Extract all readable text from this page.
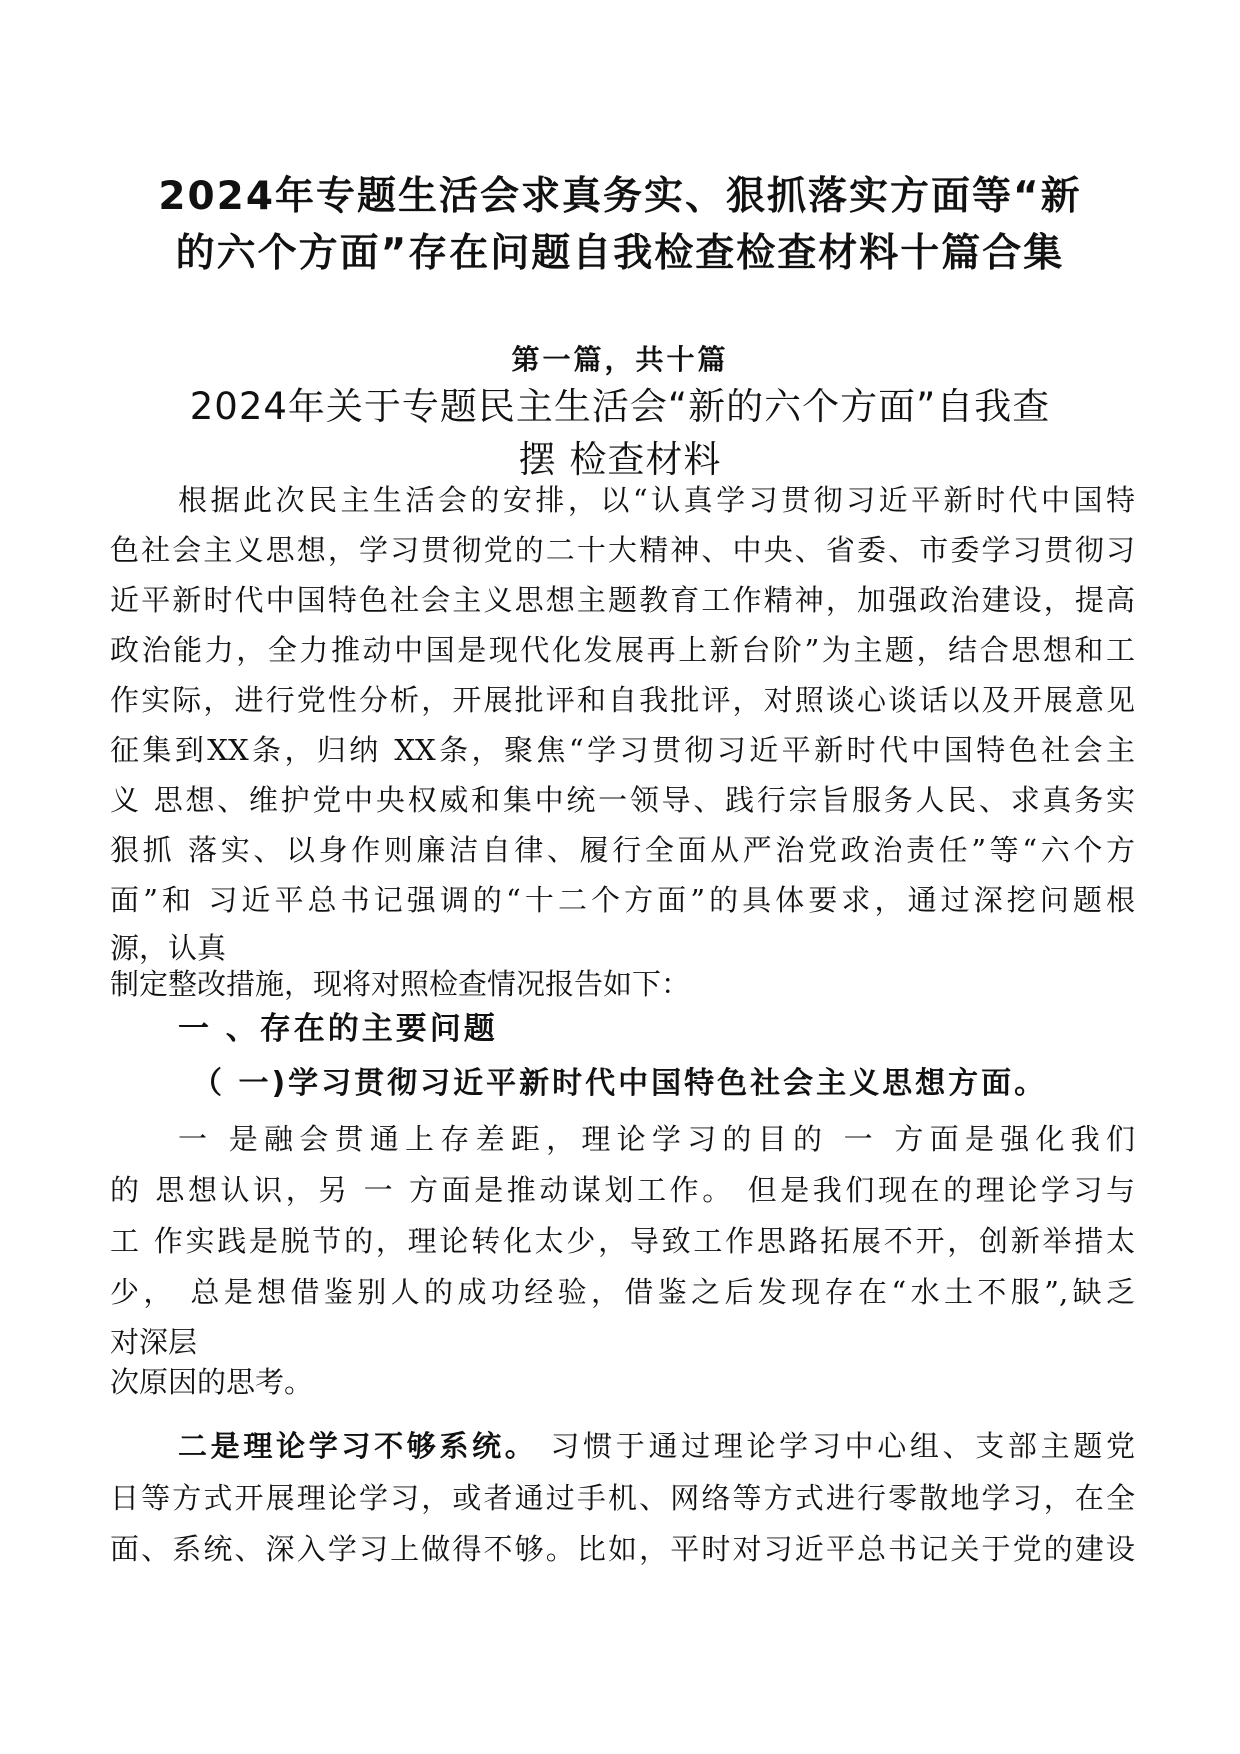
2024年专题生活会求真务实、狠抓落实方面等“新
的六个方面”存在问题自我检查检查材料十篇合集
第一篇，共十篇
2024年关于专题民主生活会“新的六个方面”自我查
摆 检查材料
根据此次民主生活会的安排，以“认真学习贯彻习近平新时代中国特
色社会主义思想，学习贯彻党的二十大精神、中央、省委、市委学习贯彻习
近平新时代中国特色社会主义思想主题教育工作精神，加强政治建设，提高
政治能力，全力推动中国是现代化发展再上新台阶”为主题，结合思想和工
作实际，进行党性分析，开展批评和自我批评，对照谈心谈话以及开展意见
征集到XX条，归纳 XX条，聚焦“学习贯彻习近平新时代中国特色社会主
义 思想、维护党中央权威和集中统一领导、践行宗旨服务人民、求真务实
狠抓 落实、以身作则廉洁自律、履行全面从严治党政治责任”等“六个方
面”和 习近平总书记强调的“十二个方面”的具体要求，通过深挖问题根
源，认真
制定整改措施，现将对照检查情况报告如下：
一 、存在的主要问题
（ 一)学习贯彻习近平新时代中国特色社会主义思想方面。
一 是融会贯通上存差距，理论学习的目的 一 方面是强化我们
的 思想认识，另 一 方面是推动谋划工作。 但是我们现在的理论学习与
工 作实践是脱节的，理论转化太少，导致工作思路拓展不开，创新举措太
少， 总是想借鉴别人的成功经验，借鉴之后发现存在“水土不服”,缺乏
对深层
次原因的思考。
二是理论学习不够系统。 习惯于通过理论学习中心组、支部主题党
日等方式开展理论学习，或者通过手机、网络等方式进行零散地学习，在全
面、系统、深入学习上做得不够。比如，平时对习近平总书记关于党的建设
